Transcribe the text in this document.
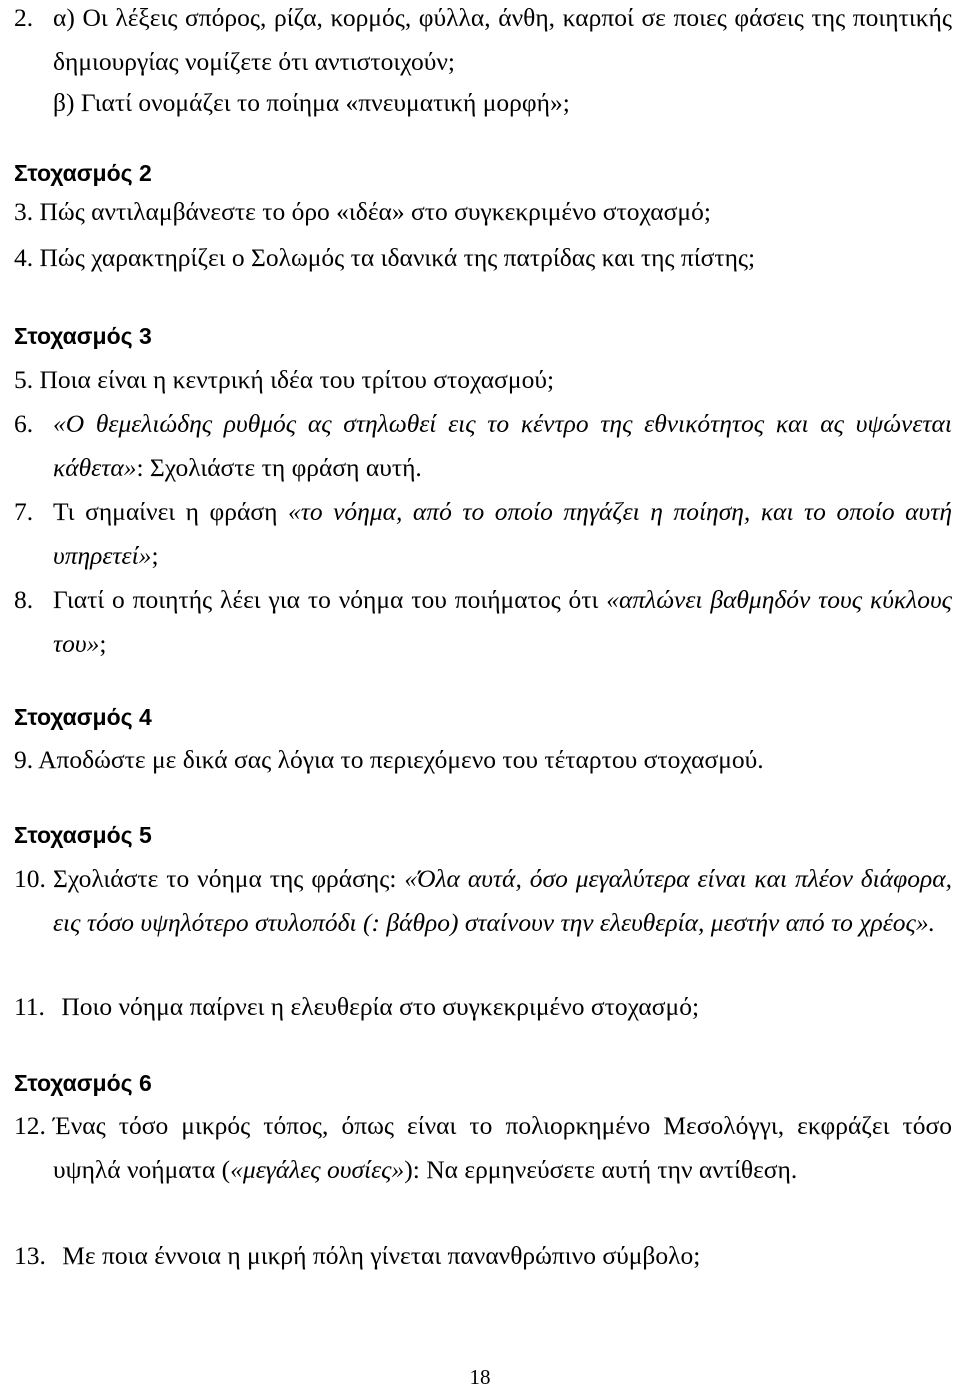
2. α) Οι λέξεις σπόρος, ρίζα, κορμός, φύλλα, άνθη, καρποί σε ποιες φάσεις της ποιητικής δημιουργίας νομίζετε ότι αντιστοιχούν;
β) Γιατί ονομάζει το ποίημα «πνευματική μορφή»;
Στοχασμός 2
3. Πώς αντιλαμβάνεστε το όρο «ιδέα» στο συγκεκριμένο στοχασμό;
4. Πώς χαρακτηρίζει ο Σολωμός τα ιδανικά της πατρίδας και της πίστης;
Στοχασμός 3
5. Ποια είναι η κεντρική ιδέα του τρίτου στοχασμού;
6. «Ο θεμελιώδης ρυθμός ας στηλωθεί εις το κέντρο της εθνικότητος και ας υψώνεται κάθετα»: Σχολιάστε τη φράση αυτή.
7. Τι σημαίνει η φράση «το νόημα, από το οποίο πηγάζει η ποίηση, και το οποίο αυτή υπηρετεί»;
8. Γιατί ο ποιητής λέει για το νόημα του ποιήματος ότι «απλώνει βαθμηδόν τους κύκλους του»;
Στοχασμός 4
9. Αποδώστε με δικά σας λόγια το περιεχόμενο του τέταρτου στοχασμού.
Στοχασμός 5
10. Σχολιάστε το νόημα της φράσης: «Όλα αυτά, όσο μεγαλύτερα είναι και πλέον διάφορα, εις τόσο υψηλότερο στυλοπόδι (: βάθρο) σταίνουν την ελευθερία, μεστήν από το χρέος».
11. Ποιο νόημα παίρνει η ελευθερία στο συγκεκριμένο στοχασμό;
Στοχασμός 6
12. Ένας τόσο μικρός τόπος, όπως είναι το πολιορκημένο Μεσολόγγι, εκφράζει τόσο υψηλά νοήματα («μεγάλες ουσίες»): Να ερμηνεύσετε αυτή την αντίθεση.
13. Με ποια έννοια η μικρή πόλη γίνεται πανανθρώπινο σύμβολο;
18
